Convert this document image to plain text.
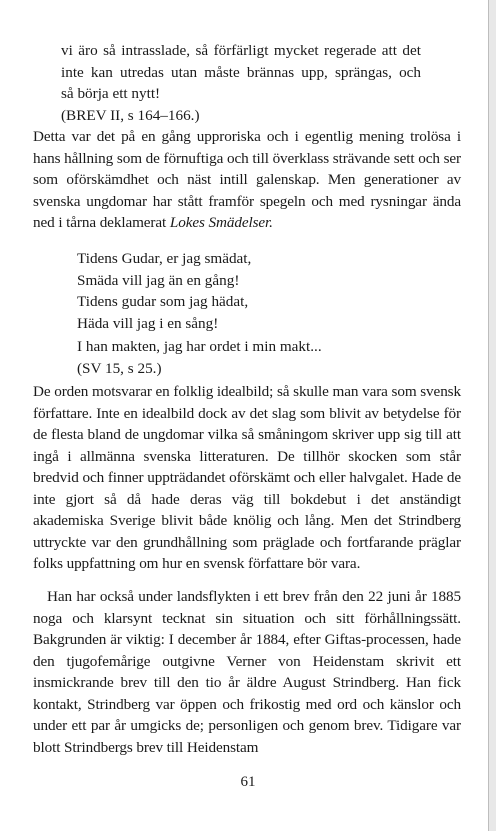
vi äro så intrasslade, så förfärligt mycket regerade att det
inte kan utredas utan måste brännas upp, sprängas, och
så börja ett nytt!
(BREV II, s 164–166.)
Detta var det på en gång upproriska och i egentlig mening trolösa i hans hållning som de förnuftiga och till överklass strävande sett och ser som oförskämdhet och näst intill galenskap. Men generationer av svenska ungdomar har stått framför spegeln och med rysningar ända ned i tårna deklamerat Lokes Smädelser.
Tidens Gudar, er jag smädat,
Smäda vill jag än en gång!
Tidens gudar som jag hädat,
Häda vill jag i en sång!
I han makten, jag har ordet i min makt...
(SV 15, s 25.)
De orden motsvarar en folklig idealbild; så skulle man vara som svensk författare. Inte en idealbild dock av det slag som blivit av betydelse för de flesta bland de ungdomar vilka så småningom skriver upp sig till att ingå i allmänna svenska litteraturen. De tillhör skocken som står bredvid och finner uppträdandet oförskämt och eller halvgalet. Hade de inte gjort så då hade deras väg till bokdebut i det anständigt akademiska Sverige blivit både knölig och lång. Men det Strindberg uttryckte var den grundhållning som präglade och fortfarande präglar folks uppfattning om hur en svensk författare bör vara.
Han har också under landsflykten i ett brev från den 22 juni år 1885 noga och klarsynt tecknat sin situation och sitt förhållningssätt. Bakgrunden är viktig: I december år 1884, efter Giftas-processen, hade den tjugofemårige outgivne Verner von Heidenstam skrivit ett insmickrande brev till den tio år äldre August Strindberg. Han fick kontakt, Strindberg var öppen och frikostig med ord och känslor och under ett par år umgicks de; personligen och genom brev. Tidigare var blott Strindbergs brev till Heidenstam
61
